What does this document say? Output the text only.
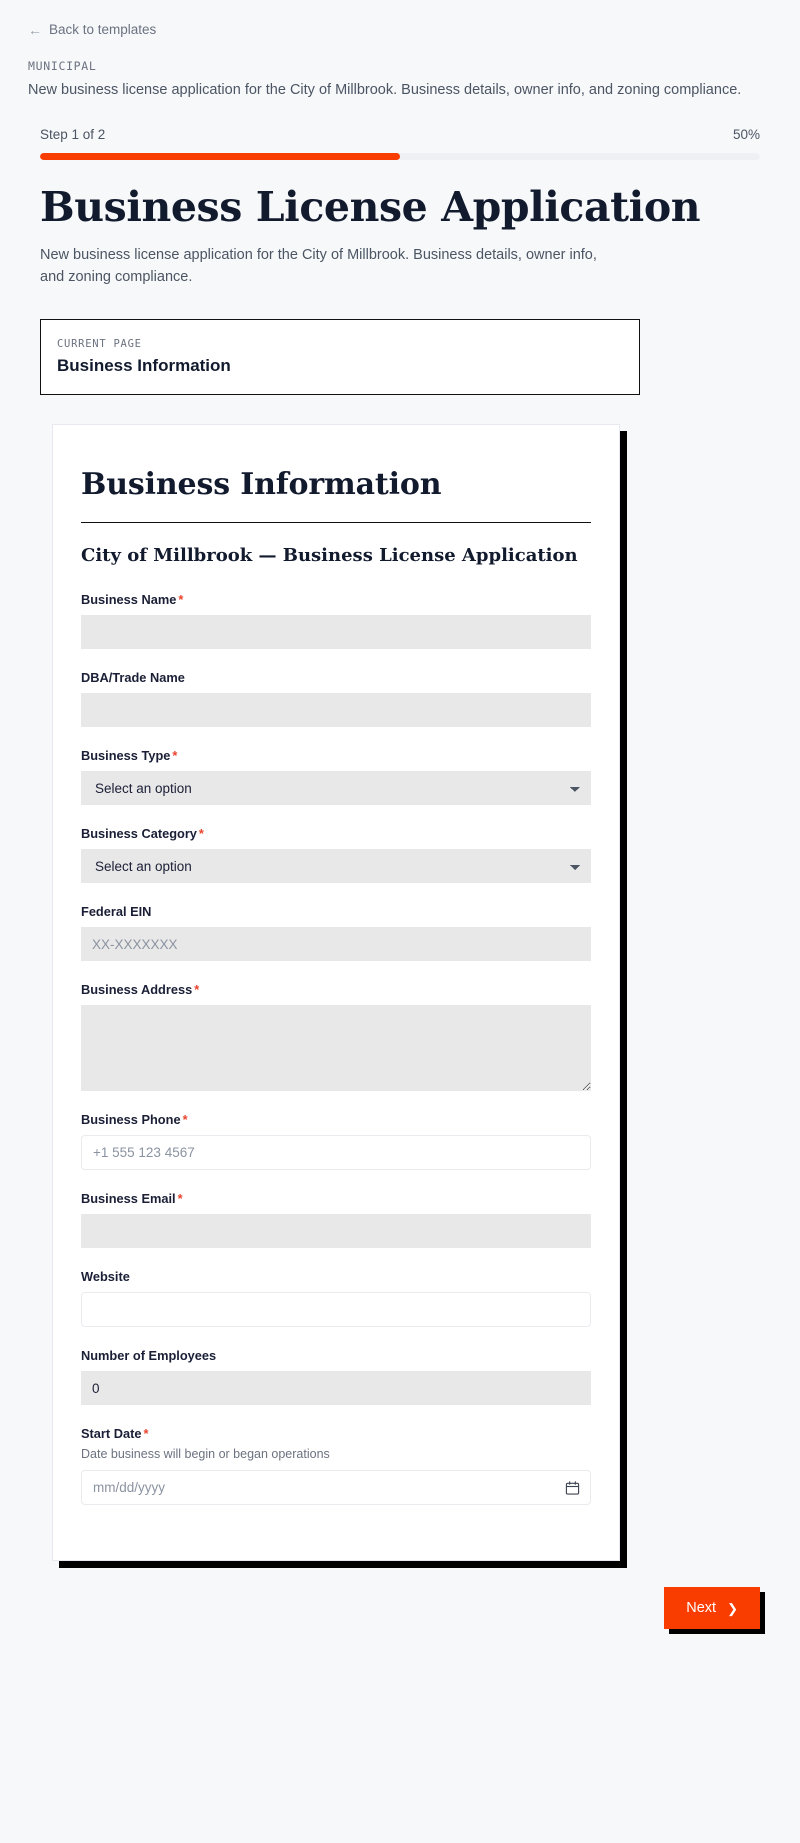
← Back to templates
MUNICIPAL
New business license application for the City of Millbrook. Business details, owner info, and zoning compliance.
Step 1 of 2	50%
Business License Application

New business license application for the City of Millbrook. Business details, owner info, and zoning compliance.

CURRENT PAGE
Business Information
Business Information
City of Millbrook — Business License Application
Business Name *
DBA/Trade Name
Business Type *
Select an option
Business Category *
Select an option
Federal EIN
XX-XXXXXXX
Business Address *
Business Phone *
+1 555 123 4567
Business Email *
Website
Number of Employees
0
Start Date *
Date business will begin or began operations
mm/dd/yyyy
Next ❯
